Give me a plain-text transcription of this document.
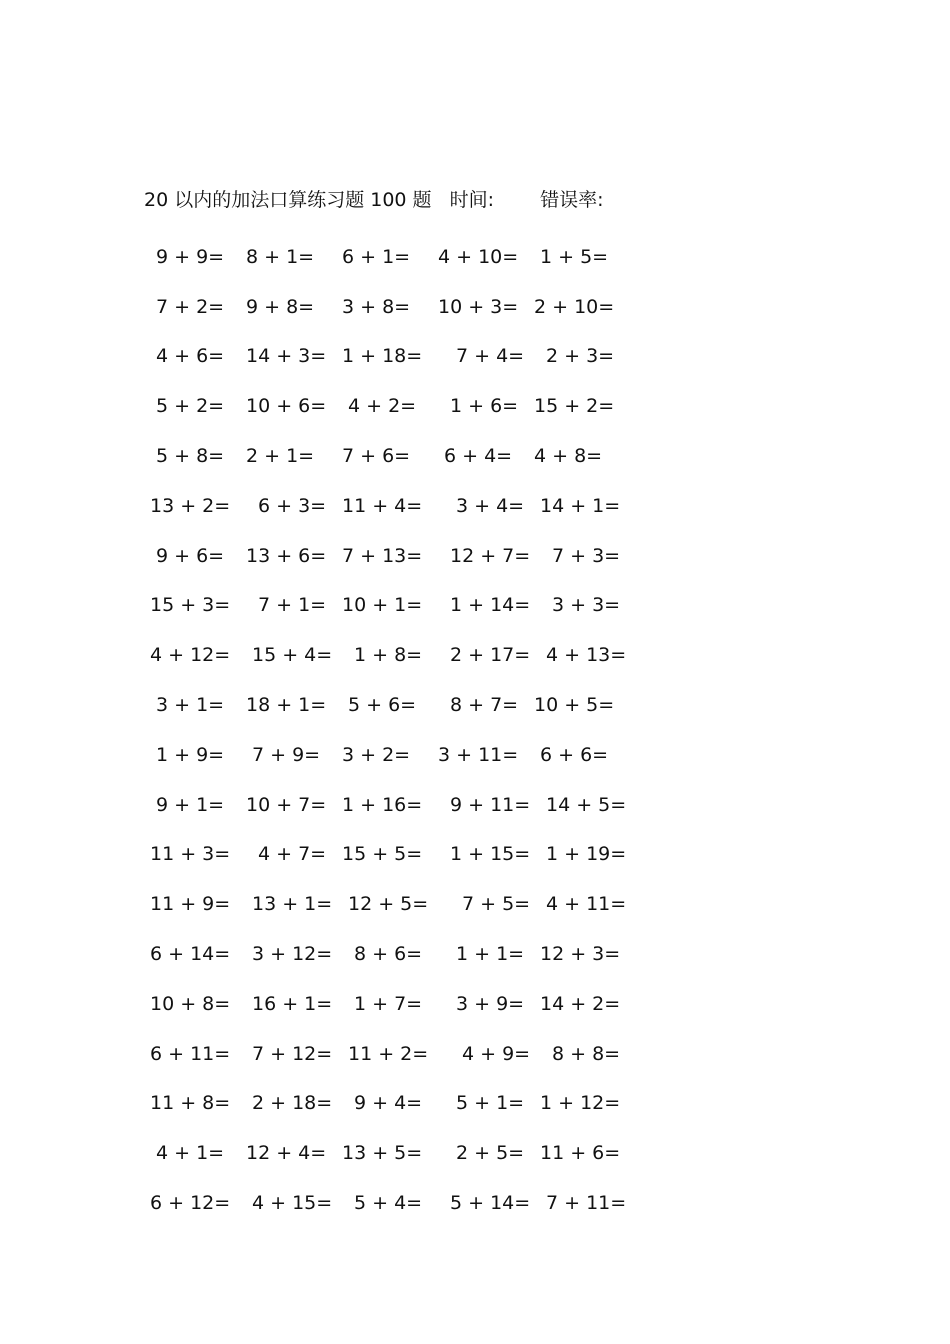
20 以内的加法口算练习题 100 题 时间: 错误率:
9 + 9=	8 + 1=	6 + 1=	4 + 10=	1 + 5=
7 + 2=	9 + 8=	3 + 8=	10 + 3= 2 + 10=
4 + 6=	14 + 3= 1 + 18=	7 + 4=	2 + 3=
5 + 2=	10 + 6=	4 + 2=	1 + 6= 15 + 2=
5 + 8=	2 + 1=	7 + 6=	6 + 4=	4 + 8=
13 + 2=	6 + 3= 11 + 4=	3 + 4= 14 + 1=
9 + 6=	13 + 6= 7 + 13=	12 + 7=	7 + 3=
15 + 3=	7 + 1= 10 + 1=	1 + 14=	3 + 3=
4 + 12=	15 + 4=	1 + 8=	2 + 17= 4 + 13=
3 + 1=	18 + 1=	5 + 6=	8 + 7= 10 + 5=
1 + 9=	7 + 9=	3 + 2=	3 + 11=	6 + 6=
9 + 1=	10 + 7= 1 + 16=	9 + 11= 14 + 5=
11 + 3=	4 + 7= 15 + 5=	1 + 15= 1 + 19=
11 + 9=	13 + 1= 12 + 5=	7 + 5= 4 + 11=
6 + 14=	3 + 12=	8 + 6=	1 + 1= 12 + 3=
10 + 8=	16 + 1=	1 + 7=	3 + 9= 14 + 2=
6 + 11=	7 + 12= 11 + 2=	4 + 9=	8 + 8=
11 + 8=	2 + 18=	9 + 4=	5 + 1= 1 + 12=
4 + 1=	12 + 4= 13 + 5=	2 + 5= 11 + 6=
6 + 12=	4 + 15=	5 + 4=	5 + 14= 7 + 11=
